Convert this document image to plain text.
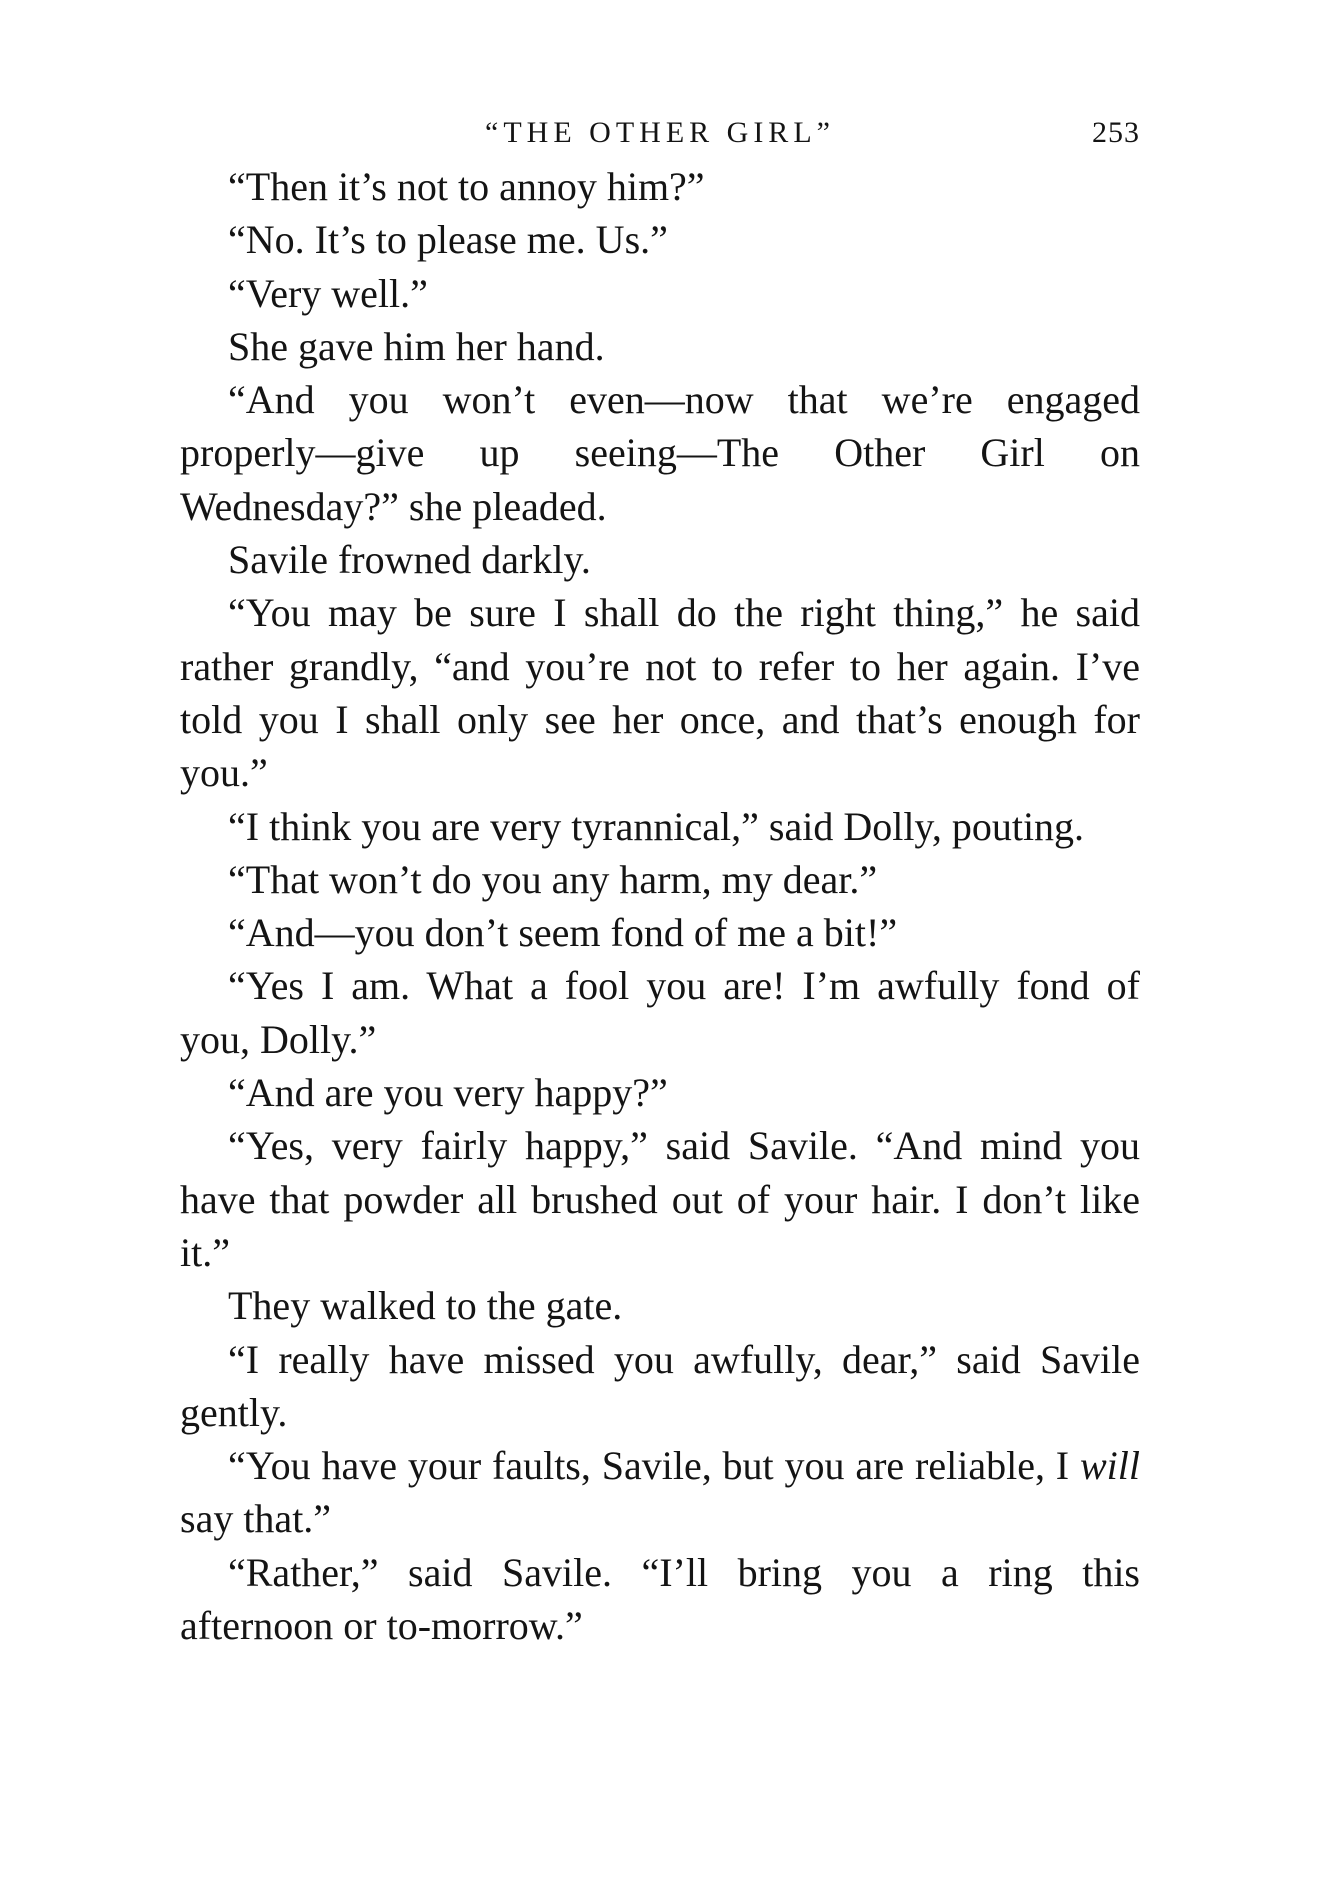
“THE OTHER GIRL”	253

“Then it’s not to annoy him?”

“No. It’s to please me. Us.”

“Very well.”

She gave him her hand.

“And you won’t even—now that we’re engaged properly—give up seeing—The Other Girl on Wednesday?” she pleaded.

Savile frowned darkly.

“You may be sure I shall do the right thing,” he said rather grandly, “and you’re not to refer to her again. I’ve told you I shall only see her once, and that’s enough for you.”

“I think you are very tyrannical,” said Dolly, pouting.

“That won’t do you any harm, my dear.”

“And—you don’t seem fond of me a bit!”

“Yes I am. What a fool you are! I’m awfully fond of you, Dolly.”

“And are you very happy?”

“Yes, very fairly happy,” said Savile. “And mind you have that powder all brushed out of your hair. I don’t like it.”

They walked to the gate.

“I really have missed you awfully, dear,” said Savile gently.

“You have your faults, Savile, but you are reliable, I will say that.”

“Rather,” said Savile. “I’ll bring you a ring this afternoon or to-morrow.”
